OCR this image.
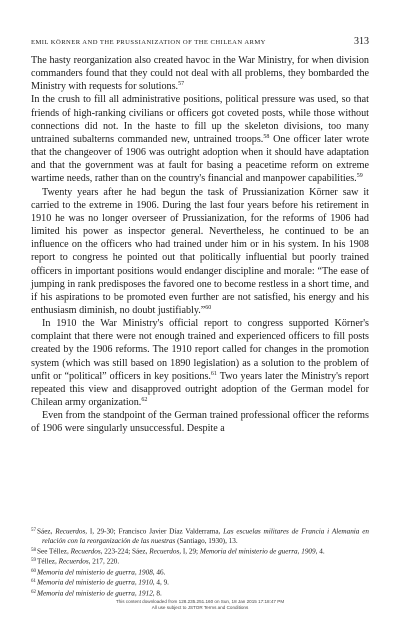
EMIL KÖRNER AND THE PRUSSIANIZATION OF THE CHILEAN ARMY	313

The hasty reorganization also created havoc in the War Ministry, for when division commanders found that they could not deal with all problems, they bombarded the Ministry with requests for solutions.$^{57}$

In the crush to fill all administrative positions, political pressure was used, so that friends of high-ranking civilians or officers got coveted posts, while those without connections did not. In the haste to fill up the skeleton divisions, too many untrained subalterns commanded new, untrained troops.$^{58}$ One officer later wrote that the changeover of 1906 was outright adoption when it should have adaptation and that the government was at fault for basing a peacetime reform on extreme wartime needs, rather than on the country's financial and manpower capabilities.$^{59}$

Twenty years after he had begun the task of Prussianization Körner saw it carried to the extreme in 1906. During the last four years before his retirement in 1910 he was no longer overseer of Prussianization, for the reforms of 1906 had limited his power as inspector general. Nevertheless, he continued to be an influence on the officers who had trained under him or in his system. In his 1908 report to congress he pointed out that politically influential but poorly trained officers in important positions would endanger discipline and morale: “The ease of jumping in rank predisposes the favored one to become restless in a short time, and if his aspirations to be promoted even further are not satisfied, his energy and his enthusiasm diminish, no doubt justifiably.”$^{60}$

In 1910 the War Ministry's official report to congress supported Körner's complaint that there were not enough trained and experienced officers to fill posts created by the 1906 reforms. The 1910 report called for changes in the promotion system (which was still based on 1890 legislation) as a solution to the problem of unfit or “political” officers in key positions.$^{61}$ Two years later the Ministry's report repeated this view and disapproved outright adoption of the German model for Chilean army organization.$^{62}$

Even from the standpoint of the German trained professional officer the reforms of 1906 were singularly unsuccessful. Despite a

$^{57}$Sáez, Recuerdos, I, 29-30; Francisco Javier Díaz Valderrama, Las escuelas militares de Francia i Alemania en relación con la reorganización de las nuestras (Santiago, 1930), 13.

$^{58}$See Téllez, Recuerdos, 223-224; Sáez, Recuerdos, I, 29; Memoria del ministerio de guerra, 1909, 4.

$^{59}$Téllez, Recuerdos, 217, 220.

$^{60}$Memoria del ministerio de guerra, 1908, 46.

$^{61}$Memoria del ministerio de guerra, 1910, 4, 9.

$^{62}$Memoria del ministerio de guerra, 1912, 8.

This content downloaded from 128.235.251.160 on Sun, 18 Jan 2015 17:18:47 PM
All use subject to JSTOR Terms and Conditions
